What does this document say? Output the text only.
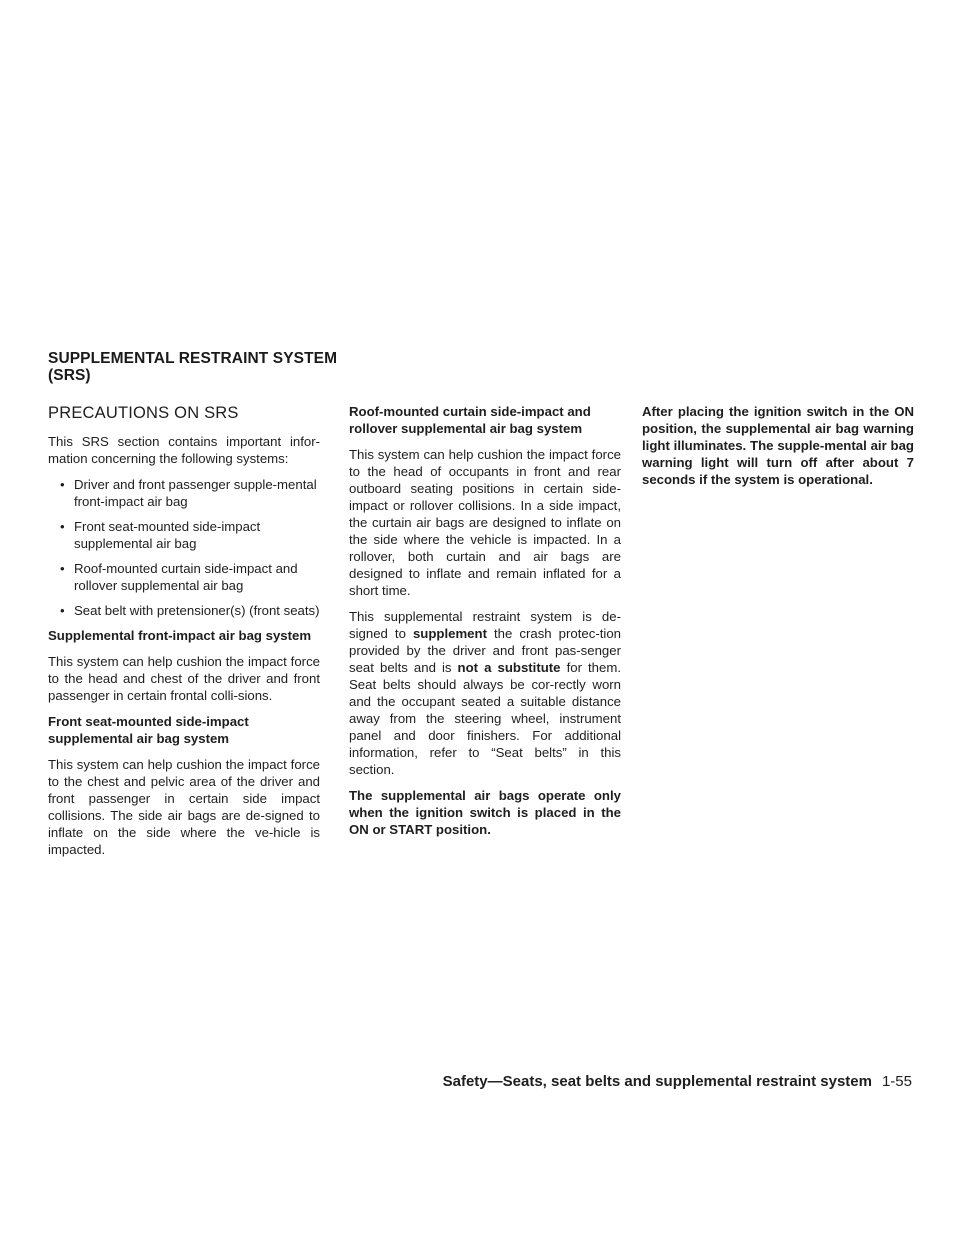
SUPPLEMENTAL RESTRAINT SYSTEM
(SRS)
PRECAUTIONS ON SRS

This SRS section contains important infor-mation concerning the following systems:

• Driver and front passenger supple-mental front-impact air bag
• Front seat-mounted side-impact supplemental air bag
• Roof-mounted curtain side-impact and rollover supplemental air bag
• Seat belt with pretensioner(s) (front seats)

Supplemental front-impact air bag system

This system can help cushion the impact force to the head and chest of the driver and front passenger in certain frontal colli-sions.

Front seat-mounted side-impact supplemental air bag system

This system can help cushion the impact force to the chest and pelvic area of the driver and front passenger in certain side impact collisions. The side air bags are de-signed to inflate on the side where the ve-hicle is impacted.

Roof-mounted curtain side-impact and rollover supplemental air bag system

This system can help cushion the impact force to the head of occupants in front and rear outboard seating positions in certain side-impact or rollover collisions. In a side impact, the curtain air bags are designed to inflate on the side where the vehicle is impacted. In a rollover, both curtain and air bags are designed to inflate and remain inflated for a short time.

This supplemental restraint system is de-signed to supplement the crash protec-tion provided by the driver and front pas-senger seat belts and is not a substitute for them. Seat belts should always be cor-rectly worn and the occupant seated a suitable distance away from the steering wheel, instrument panel and door finishers. For additional information, refer to “Seat belts” in this section.

The supplemental air bags operate only when the ignition switch is placed in the ON or START position.

After placing the ignition switch in the ON position, the supplemental air bag warning light illuminates. The supple-mental air bag warning light will turn off after about 7 seconds if the system is operational.

Safety—Seats, seat belts and supplemental restraint system 1-55
